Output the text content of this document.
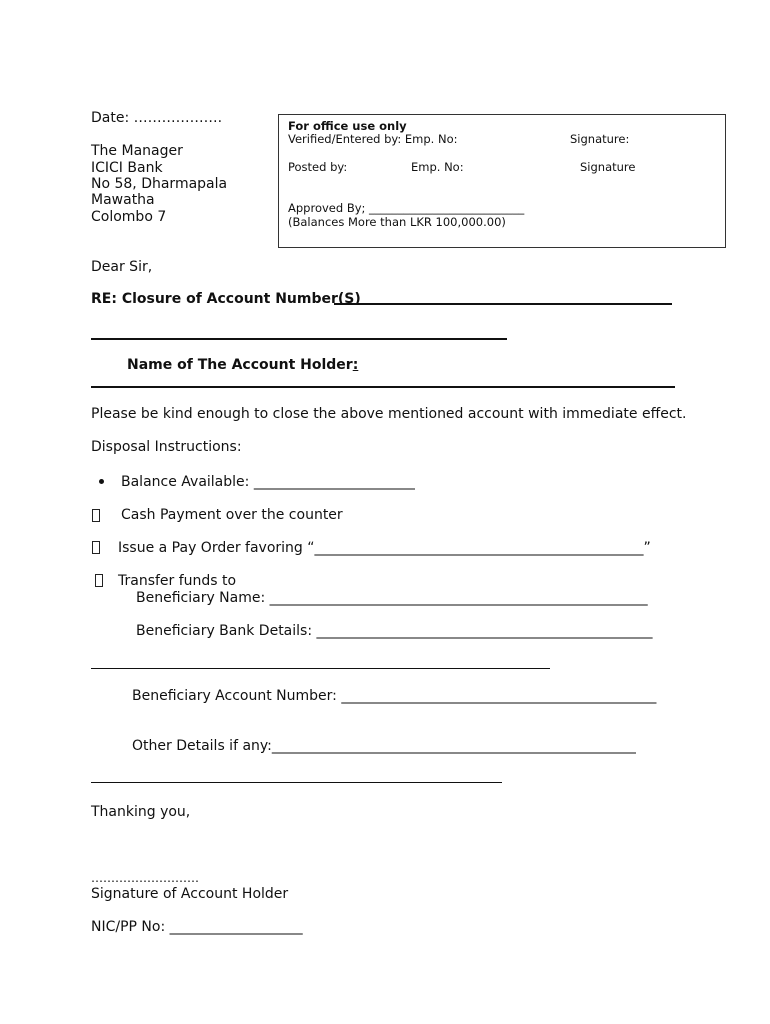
Date: ……………….
The Manager
ICICI Bank
No 58, Dharmapala
Mawatha
Colombo 7
For office use only
Verified/Entered by: Emp. No:	Signature:
Posted by:	Emp. No:	Signature
Approved By; ___________________________
(Balances More than LKR 100,000.00)
Dear Sir,
RE: Closure of Account Number(S)
Name of The Account Holder:
Please be kind enough to close the above mentioned account with immediate effect.
Disposal Instructions:
Balance Available: _______________________
Cash Payment over the counter
Issue a Pay Order favoring “_______________________________________________”
Transfer funds to
Beneficiary Name: ______________________________________________________
Beneficiary Bank Details: ________________________________________________
Beneficiary Account Number: _____________________________________________
Other Details if any:____________________________________________________
Thanking you,
………………………
Signature of Account Holder
NIC/PP No: ___________________
